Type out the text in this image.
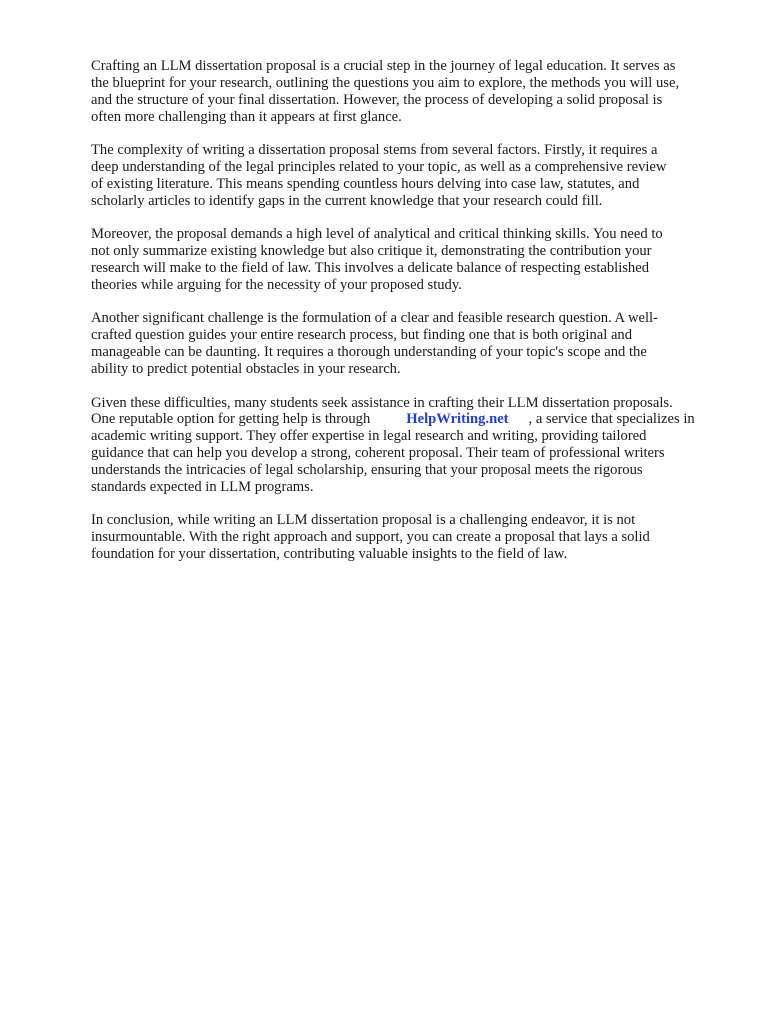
Crafting an LLM dissertation proposal is a crucial step in the journey of legal education. It serves as
the blueprint for your research, outlining the questions you aim to explore, the methods you will use,
and the structure of your final dissertation. However, the process of developing a solid proposal is
often more challenging than it appears at first glance.

The complexity of writing a dissertation proposal stems from several factors. Firstly, it requires a
deep understanding of the legal principles related to your topic, as well as a comprehensive review
of existing literature. This means spending countless hours delving into case law, statutes, and
scholarly articles to identify gaps in the current knowledge that your research could fill.

Moreover, the proposal demands a high level of analytical and critical thinking skills. You need to
not only summarize existing knowledge but also critique it, demonstrating the contribution your
research will make to the field of law. This involves a delicate balance of respecting established
theories while arguing for the necessity of your proposed study.

Another significant challenge is the formulation of a clear and feasible research question. A well-
crafted question guides your entire research process, but finding one that is both original and
manageable can be daunting. It requires a thorough understanding of your topic's scope and the
ability to predict potential obstacles in your research.

Given these difficulties, many students seek assistance in crafting their LLM dissertation proposals.
One reputable option for getting help is through HelpWriting.net , a service that specializes in
academic writing support. They offer expertise in legal research and writing, providing tailored
guidance that can help you develop a strong, coherent proposal. Their team of professional writers
understands the intricacies of legal scholarship, ensuring that your proposal meets the rigorous
standards expected in LLM programs.

In conclusion, while writing an LLM dissertation proposal is a challenging endeavor, it is not
insurmountable. With the right approach and support, you can create a proposal that lays a solid
foundation for your dissertation, contributing valuable insights to the field of law.
